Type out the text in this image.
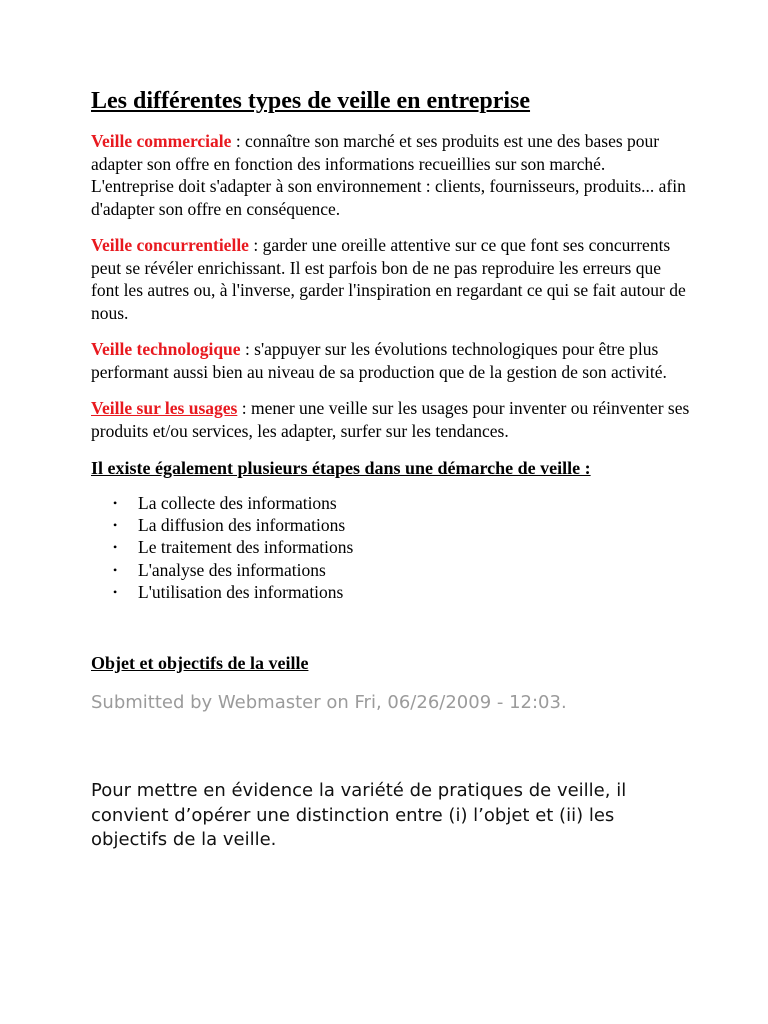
Les différentes types de veille en entreprise

Veille commerciale : connaître son marché et ses produits est une des bases pour adapter son offre en fonction des informations recueillies sur son marché. L'entreprise doit s'adapter à son environnement : clients, fournisseurs, produits... afin d'adapter son offre en conséquence.

Veille concurrentielle : garder une oreille attentive sur ce que font ses concurrents peut se révéler enrichissant. Il est parfois bon de ne pas reproduire les erreurs que font les autres ou, à l'inverse, garder l'inspiration en regardant ce qui se fait autour de nous.

Veille technologique : s'appuyer sur les évolutions technologiques pour être plus performant aussi bien au niveau de sa production que de la gestion de son activité.

Veille sur les usages : mener une veille sur les usages pour inventer ou réinventer ses produits et/ou services, les adapter, surfer sur les tendances.

Il existe également plusieurs étapes dans une démarche de veille :
• La collecte des informations
• La diffusion des informations
• Le traitement des informations
• L'analyse des informations
• L'utilisation des informations
Objet et objectifs de la veille
Submitted by Webmaster on Fri, 06/26/2009 - 12:03.

Pour mettre en évidence la variété de pratiques de veille, il convient d’opérer une distinction entre (i) l’objet et (ii) les objectifs de la veille.
